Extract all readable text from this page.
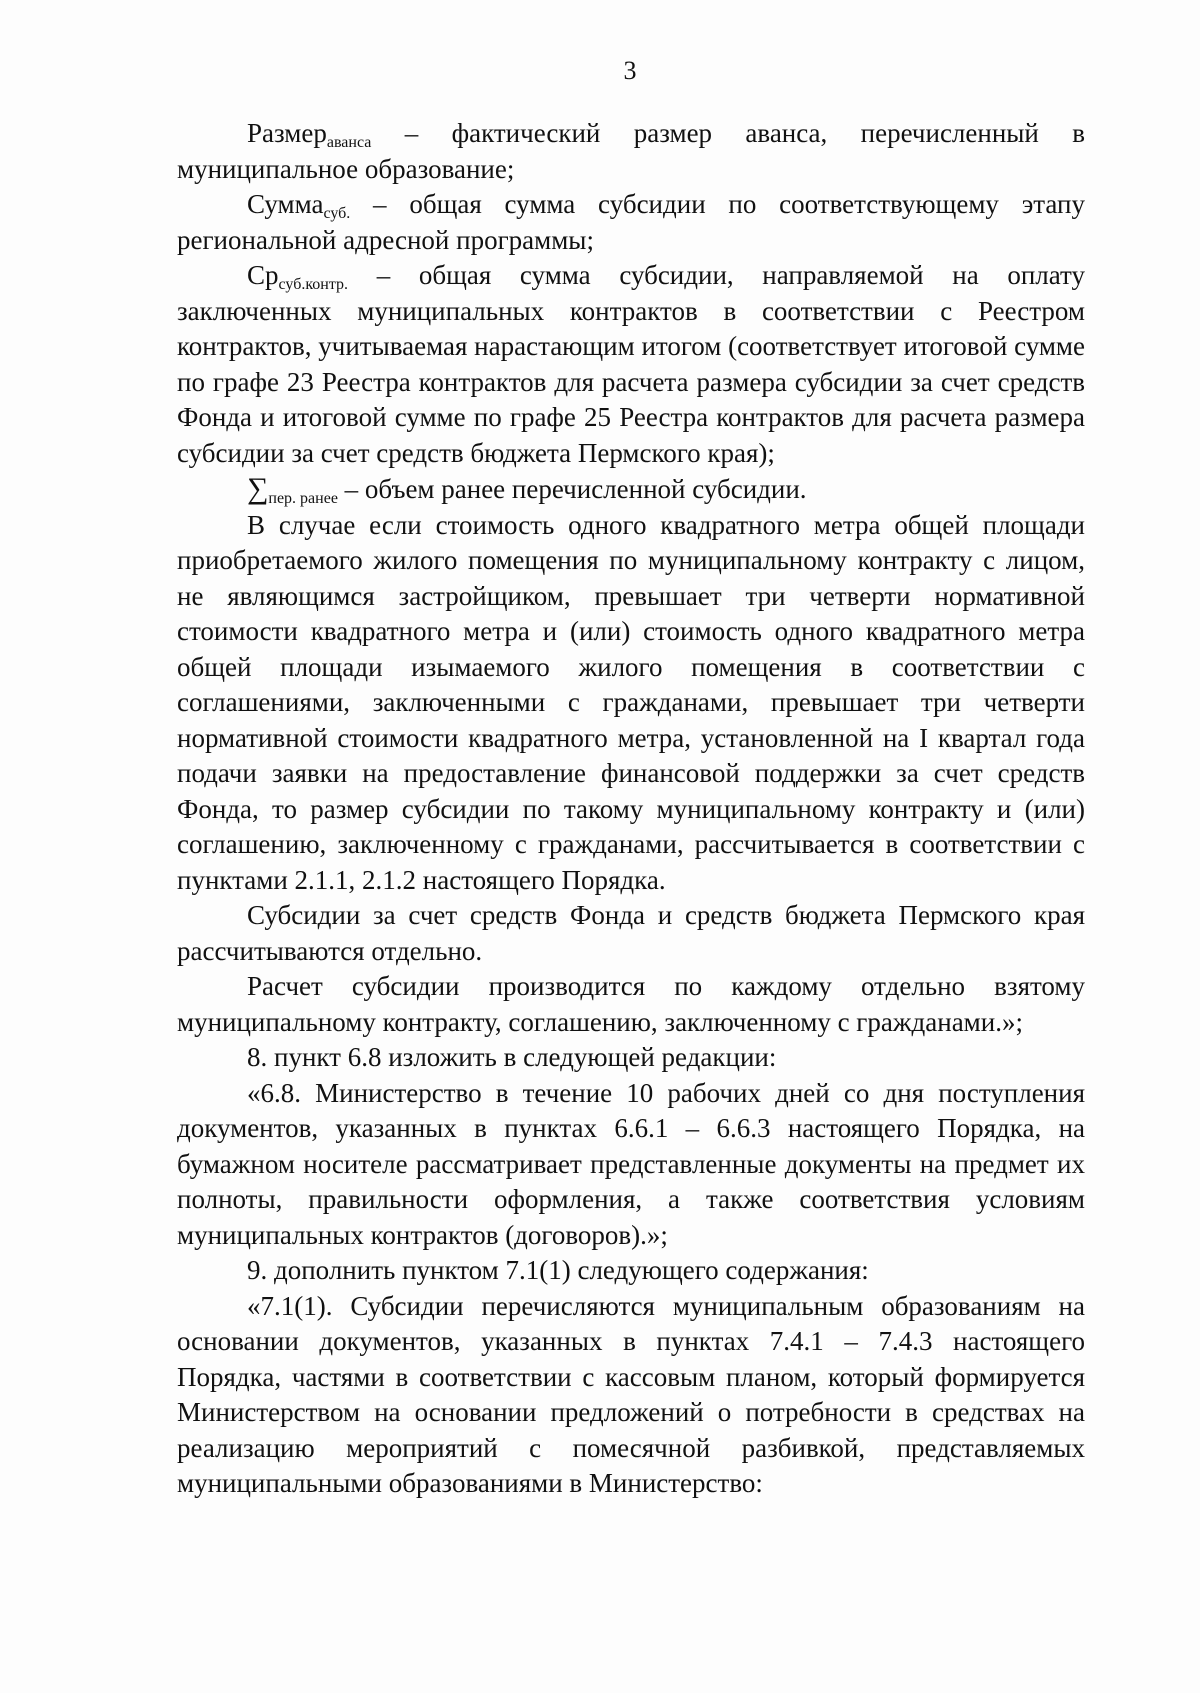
3

Размер$_{аванса}$ – фактический размер аванса, перечисленный в муниципальное образование;

Сумма$_{суб.}$ – общая сумма субсидии по соответствующему этапу региональной адресной программы;

$Ср_{суб.контр.}$ – общая сумма субсидии, направляемой на оплату заключенных муниципальных контрактов в соответствии с Реестром контрактов, учитываемая нарастающим итогом (соответствует итоговой сумме по графе 23 Реестра контрактов для расчета размера субсидии за счет средств Фонда и итоговой сумме по графе 25 Реестра контрактов для расчета размера субсидии за счет средств бюджета Пермского края);

$\sum_{пер. ранее}$ – объем ранее перечисленной субсидии.

В случае если стоимость одного квадратного метра общей площади приобретаемого жилого помещения по муниципальному контракту с лицом, не являющимся застройщиком, превышает три четверти нормативной стоимости квадратного метра и (или) стоимость одного квадратного метра общей площади изымаемого жилого помещения в соответствии с соглашениями, заключенными с гражданами, превышает три четверти нормативной стоимости квадратного метра, установленной на I квартал года подачи заявки на предоставление финансовой поддержки за счет средств Фонда, то размер субсидии по такому муниципальному контракту и (или) соглашению, заключенному с гражданами, рассчитывается в соответствии с пунктами 2.1.1, 2.1.2 настоящего Порядка.

Субсидии за счет средств Фонда и средств бюджета Пермского края рассчитываются отдельно.

Расчет субсидии производится по каждому отдельно взятому муниципальному контракту, соглашению, заключенному с гражданами.»;

8. пункт 6.8 изложить в следующей редакции:

«6.8. Министерство в течение 10 рабочих дней со дня поступления документов, указанных в пунктах 6.6.1 – 6.6.3 настоящего Порядка, на бумажном носителе рассматривает представленные документы на предмет их полноты, правильности оформления, а также соответствия условиям муниципальных контрактов (договоров).»;

9. дополнить пунктом 7.1(1) следующего содержания:

«7.1(1). Субсидии перечисляются муниципальным образованиям на основании документов, указанных в пунктах 7.4.1 – 7.4.3 настоящего Порядка, частями в соответствии с кассовым планом, который формируется Министерством на основании предложений о потребности в средствах на реализацию мероприятий с помесячной разбивкой, представляемых муниципальными образованиями в Министерство:
